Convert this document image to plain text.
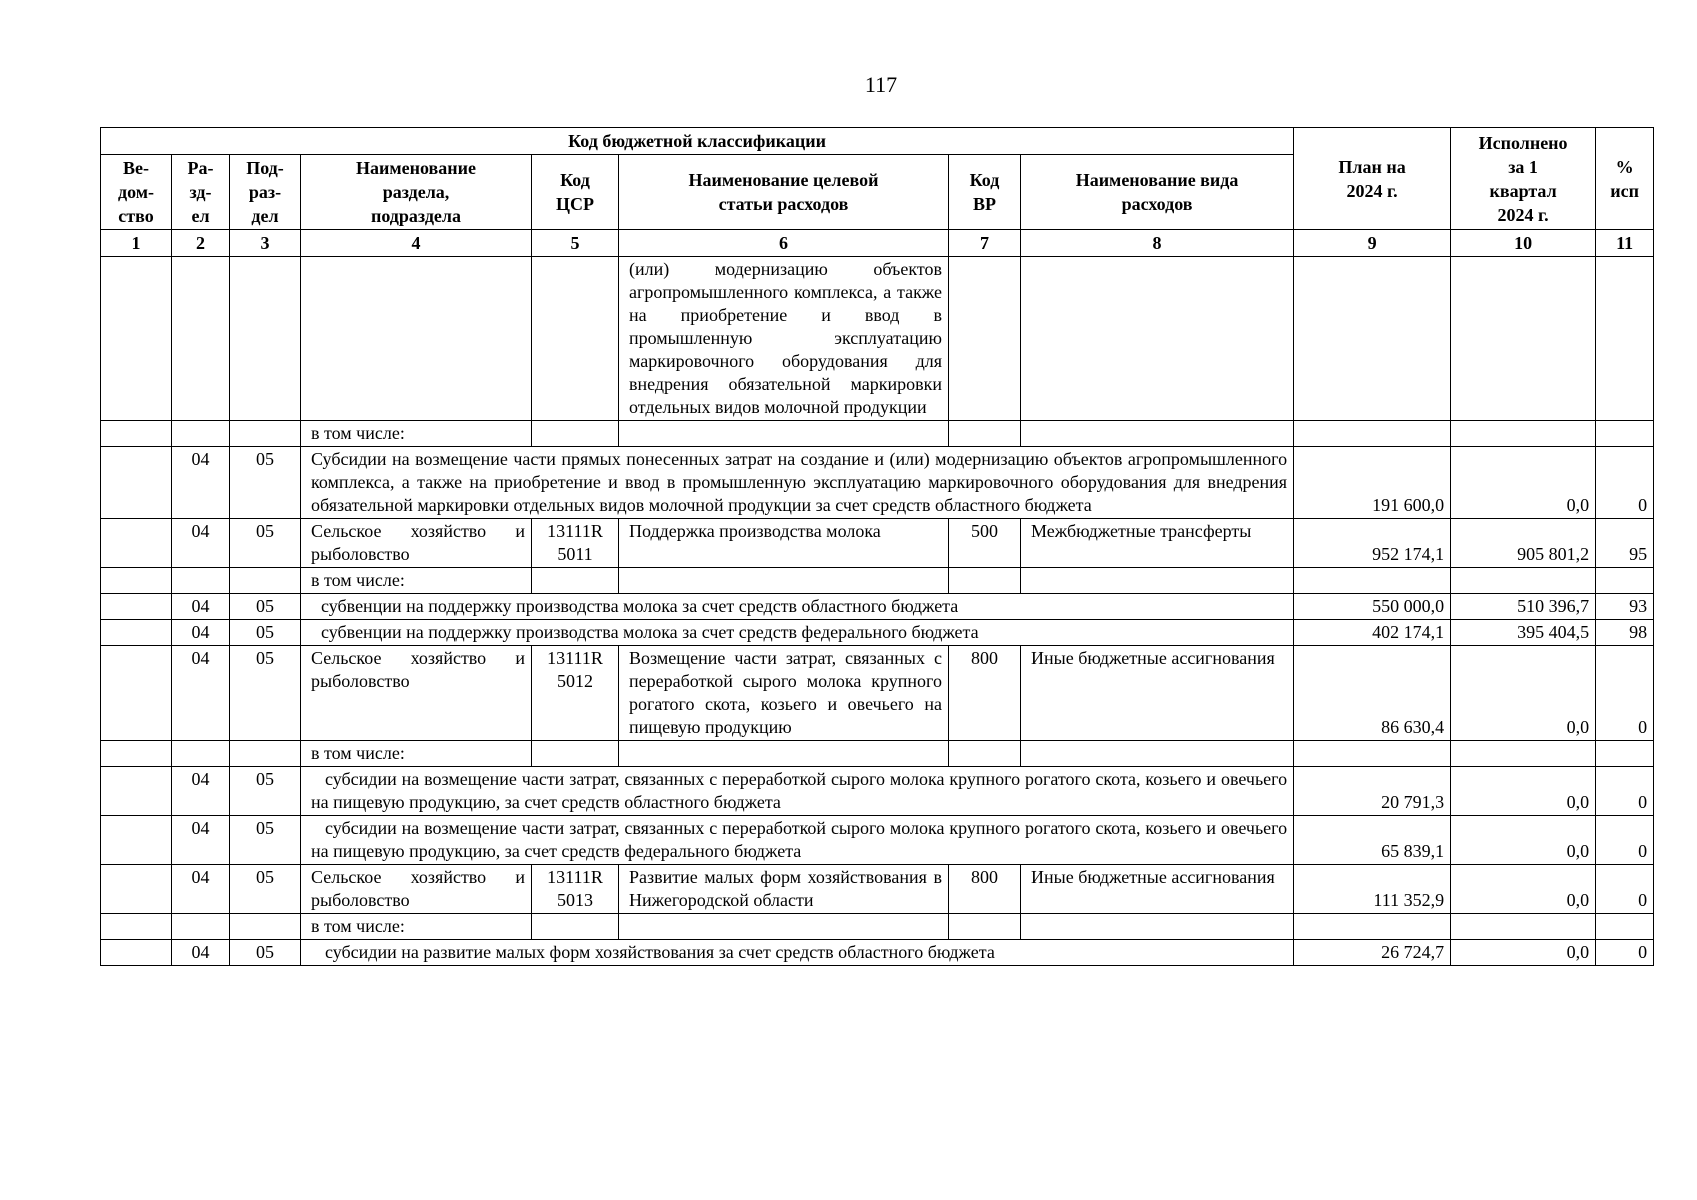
117
Код бюджетной классификации								План на
2024 г.	Исполнено
за 1
квартал
2024 г.	%
исп
Ве-
дом-
ство	Ра-
зд-
ел	Под-
раз-
дел	Наименование
раздела,
подраздела	Код
ЦСР	Наименование целевой
статьи расходов	Код
ВР	Наименование вида
расходов			
1	2	3	4	5	6	7	8	9	10	11
					(или) модернизацию объектов агропромышленного комплекса, а также на приобретение и ввод в промышленную эксплуатацию маркировочного оборудования для внедрения обязательной маркировки отдельных видов молочной продукции					
			в том числе:							
	04	05	Субсидии на возмещение части прямых понесенных затрат на создание и (или) модернизацию объектов агропромышленного комплекса, а также на приобретение и ввод в промышленную эксплуатацию маркировочного оборудования для внедрения обязательной маркировки отдельных видов молочной продукции за счет средств областного бюджета					191 600,0	0,0	0
	04	05	Сельское хозяйство и рыболовство	13111R
5011	Поддержка производства молока	500	Межбюджетные трансферты	952 174,1	905 801,2	95
			в том числе:							
	04	05	субвенции на поддержку производства молока за счет средств областного бюджета					550 000,0	510 396,7	93
	04	05	субвенции на поддержку производства молока за счет средств федерального бюджета					402 174,1	395 404,5	98
	04	05	Сельское хозяйство и рыболовство	13111R
5012	Возмещение части затрат, связанных с переработкой сырого молока крупного рогатого скота, козьего и овечьего на пищевую продукцию	800	Иные бюджетные ассигнования	86 630,4	0,0	0
			в том числе:							
	04	05	субсидии на возмещение части затрат, связанных с переработкой сырого молока крупного рогатого скота, козьего и овечьего на пищевую продукцию, за счет средств областного бюджета					20 791,3	0,0	0
	04	05	субсидии на возмещение части затрат, связанных с переработкой сырого молока крупного рогатого скота, козьего и овечьего на пищевую продукцию, за счет средств федерального бюджета					65 839,1	0,0	0
	04	05	Сельское хозяйство и рыболовство	13111R
5013	Развитие малых форм хозяйствования в Нижегородской области	800	Иные бюджетные ассигнования	111 352,9	0,0	0
			в том числе:							
	04	05	субсидии на развитие малых форм хозяйствования за счет средств областного бюджета					26 724,7	0,0	0
